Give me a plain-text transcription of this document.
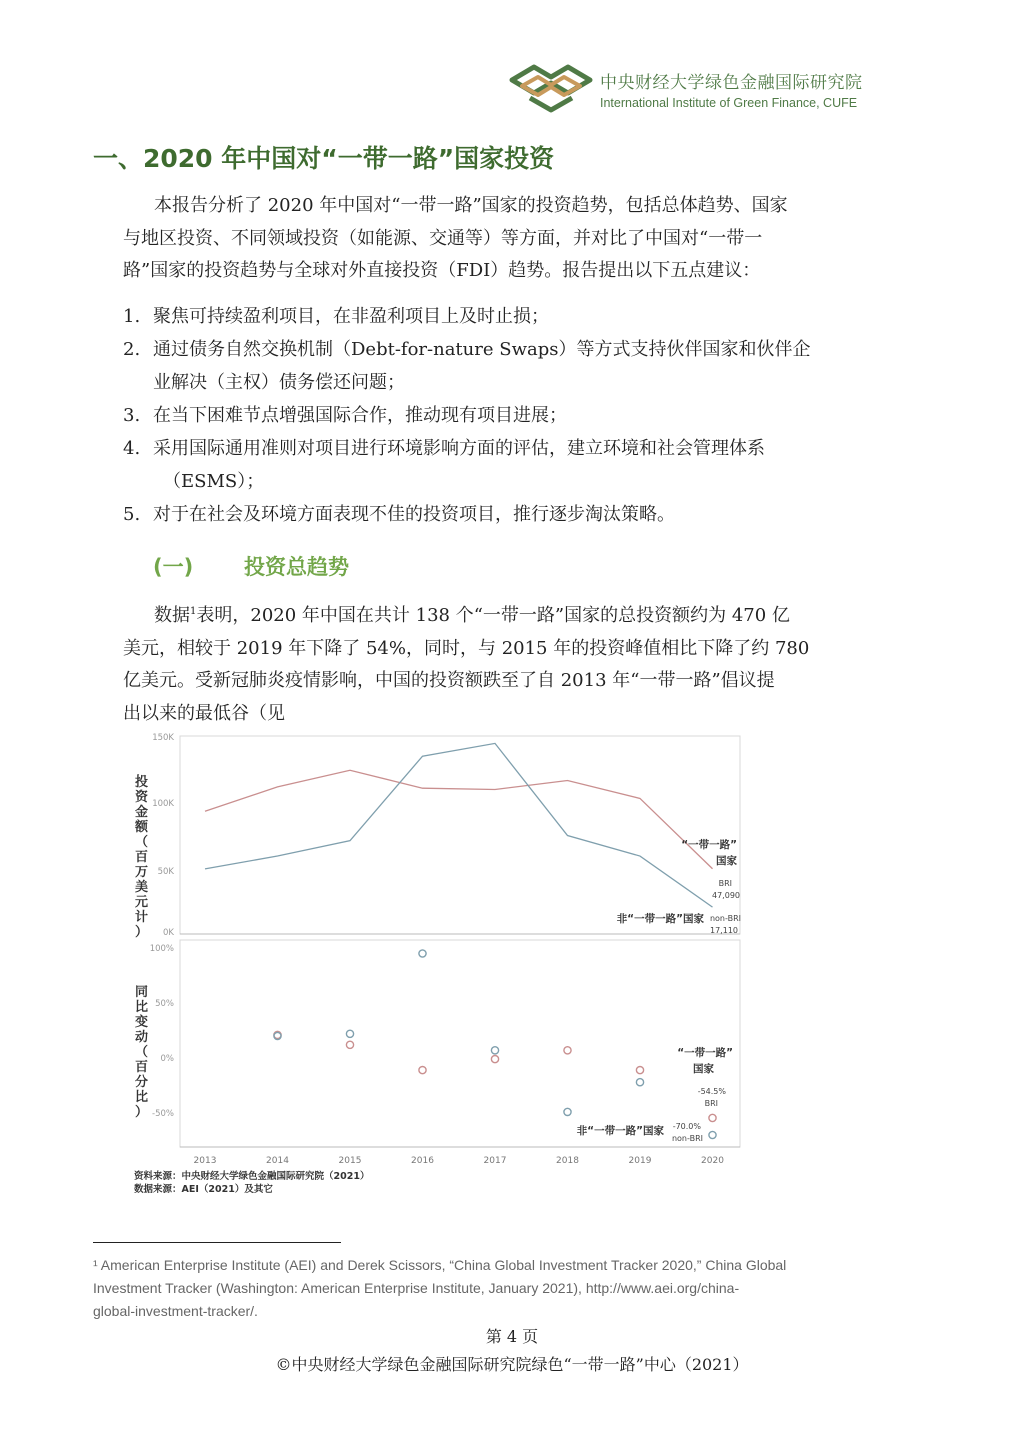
中央财经大学绿色金融国际研究院
International Institute of Green Finance, CUFE
一、2020 年中国对“一带一路”国家投资
本报告分析了 2020 年中国对“一带一路”国家的投资趋势，包括总体趋势、国家
与地区投资、不同领域投资（如能源、交通等）等方面，并对比了中国对“一带一
路”国家的投资趋势与全球对外直接投资（FDI）趋势。报告提出以下五点建议：
1. 聚焦可持续盈利项目，在非盈利项目上及时止损；
2. 通过债务自然交换机制（Debt-for-nature Swaps）等方式支持伙伴国家和伙伴企
业解决（主权）债务偿还问题；
3. 在当下困难节点增强国际合作，推动现有项目进展；
4. 采用国际通用准则对项目进行环境影响方面的评估，建立环境和社会管理体系
（ESMS）；
5. 对于在社会及环境方面表现不佳的投资项目，推行逐步淘汰策略。
(一) 投资总趋势
数据$^1$表明，2020 年中国在共计 138 个“一带一路”国家的总投资额约为 470 亿
美元，相较于 2019 年下降了 54%，同时，与 2015 年的投资峰值相比下降了约 780
亿美元。受新冠肺炎疫情影响，中国的投资额跌至了自 2013 年“一带一路”倡议提
出以来的最低谷（见
150K
100K
50K
0K
100%
50%
0%
-50%
投资金额（百万美元计）
同比变动（百分比）
2013	2014	2015	2016	2017	2018	2019	2020
“一带一路”
国家
BRI
47,090
非“一带一路”国家 non-BRI
17,110
“一带一路”
国家
-54.5%
BRI
非“一带一路”国家 -70.0%
non-BRI
资料来源：中央财经大学绿色金融国际研究院（2021）
数据来源：AEI（2021）及其它
¹ American Enterprise Institute (AEI) and Derek Scissors, “China Global Investment Tracker 2020,” China Global
Investment Tracker (Washington: American Enterprise Institute, January 2021), http://www.aei.org/china-
global-investment-tracker/.
第 4 页
©中央财经大学绿色金融国际研究院绿色“一带一路”中心（2021）
